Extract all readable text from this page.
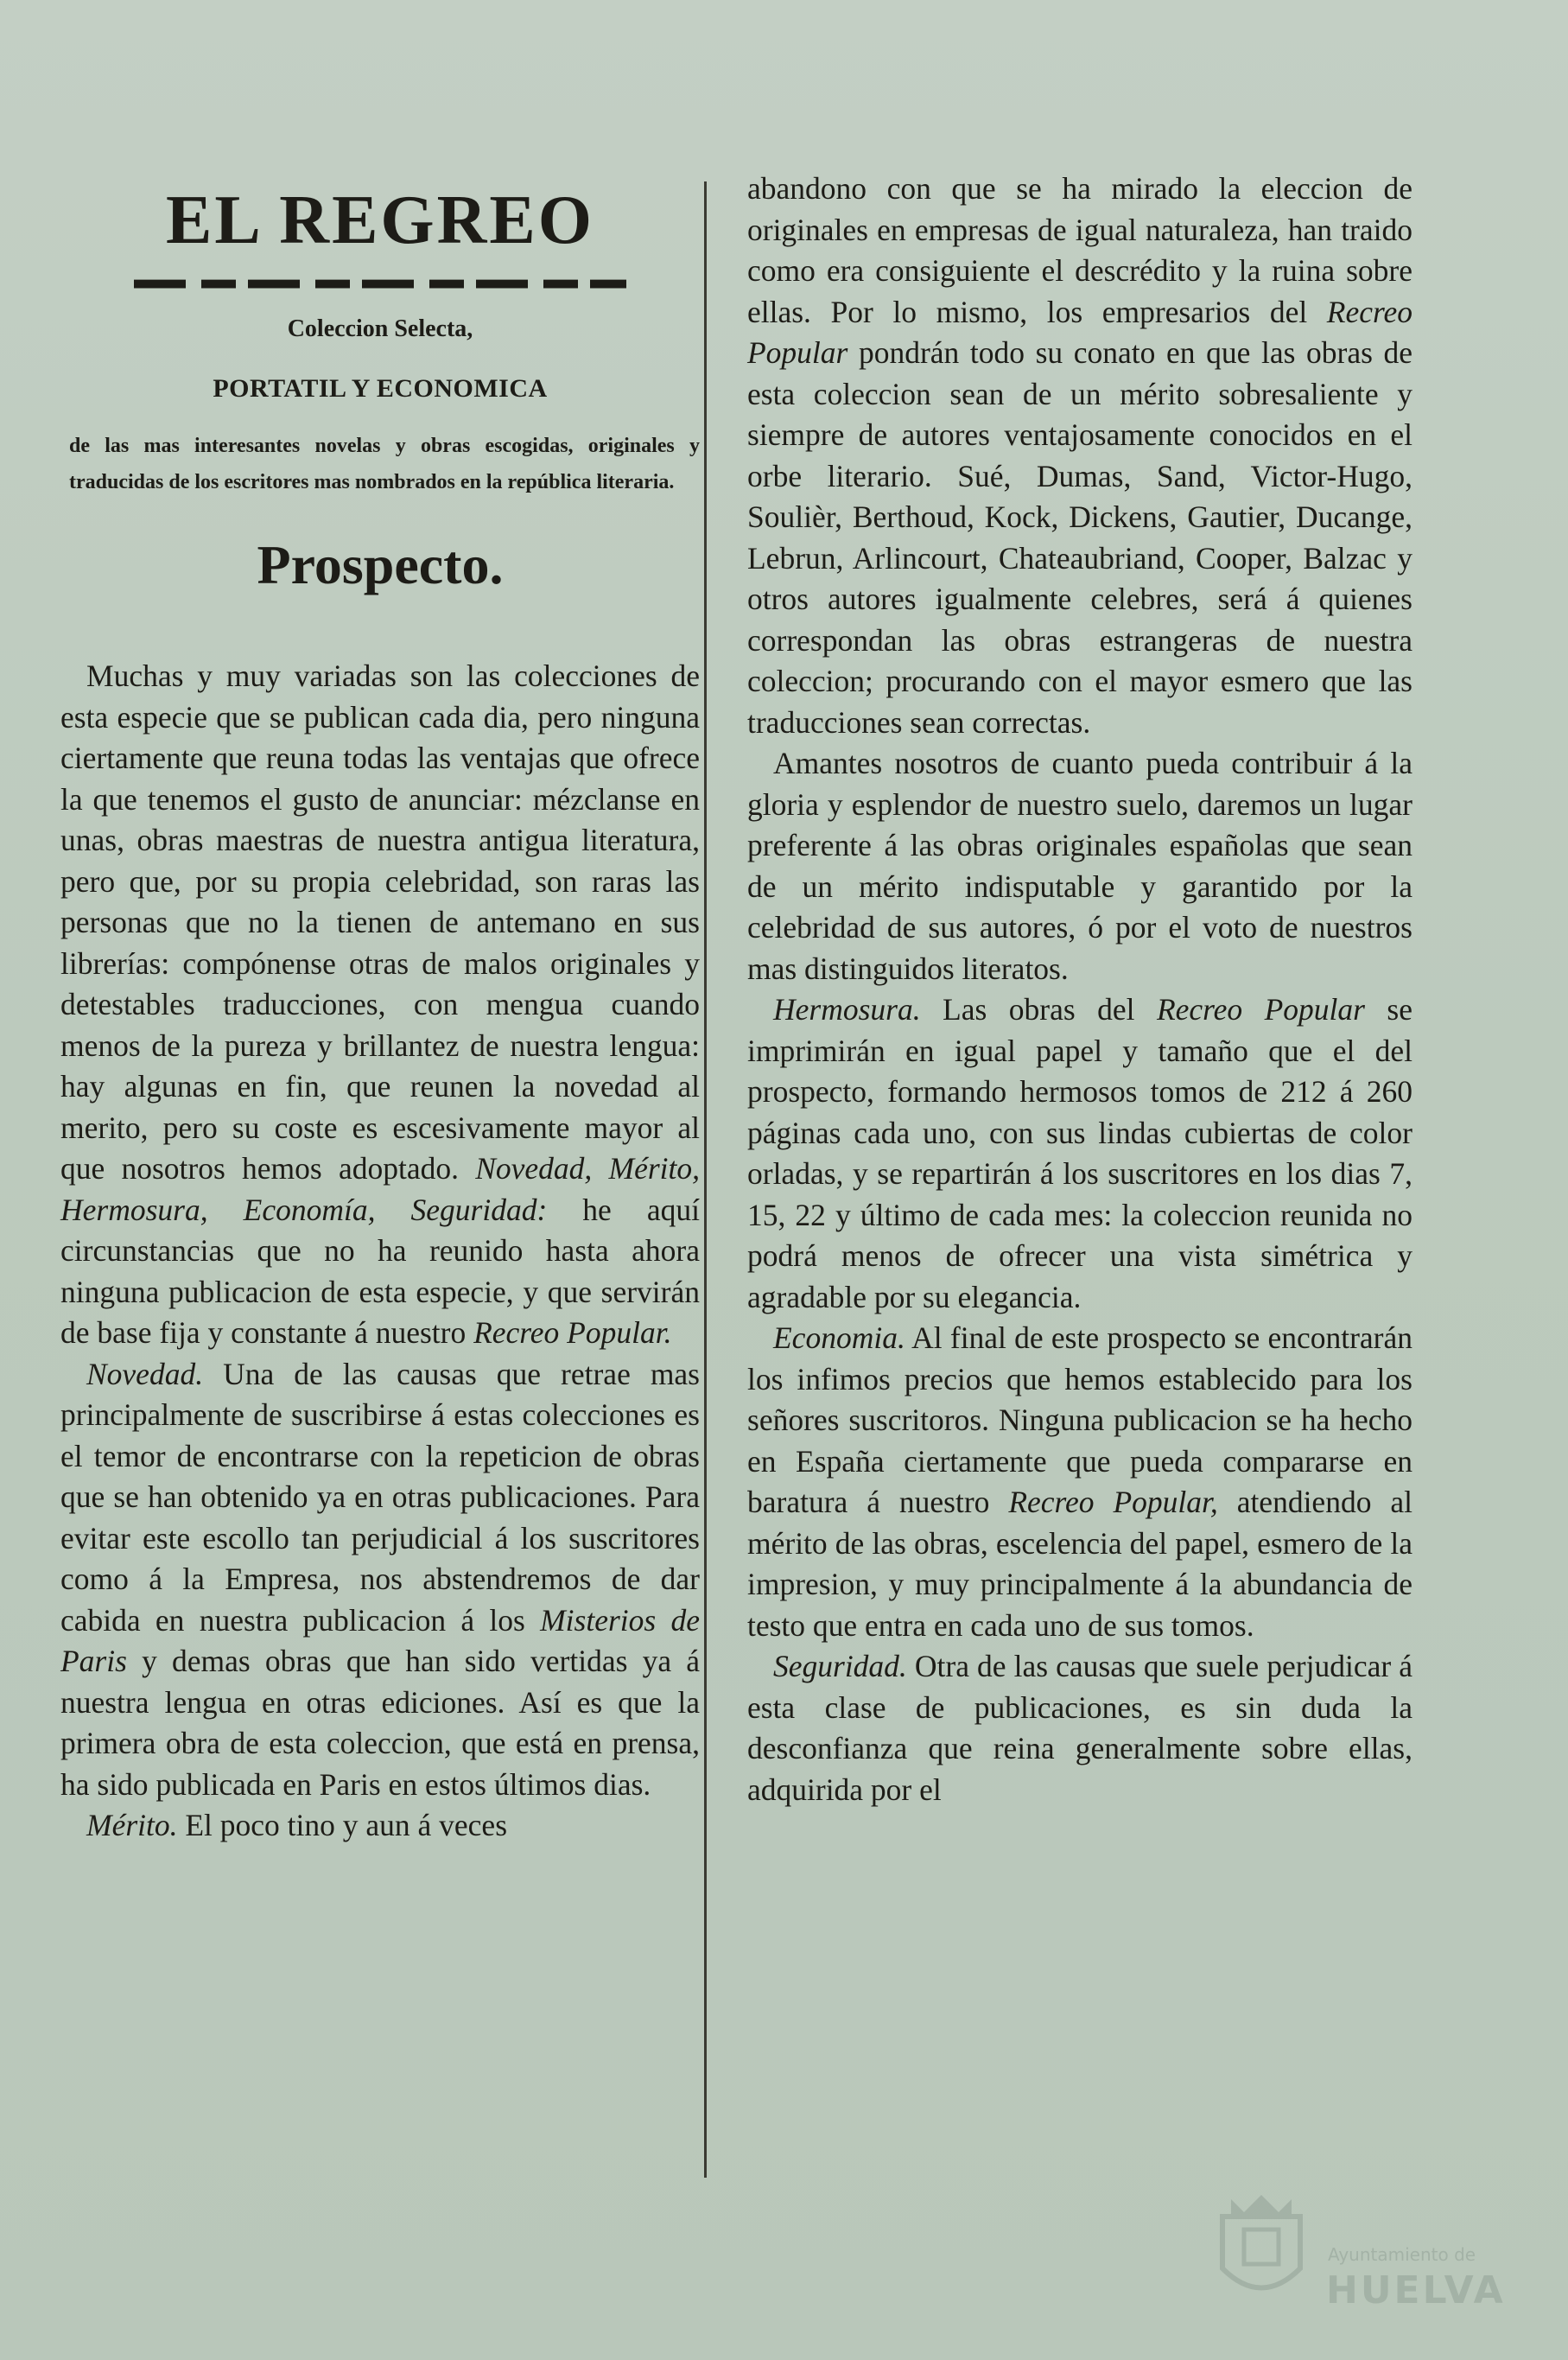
EL REGREO
Coleccion Selecta,
PORTATIL Y ECONOMICA
de las mas interesantes novelas y obras escogidas, originales y traducidas de los escritores mas nombrados en la república literaria.
Prospecto.

Muchas y muy variadas son las colecciones de esta especie que se publican cada dia, pero ninguna ciertamente que reuna todas las ventajas que ofrece la que tenemos el gusto de anunciar: mézclanse en unas, obras maestras de nuestra antigua literatura, pero que, por su propia celebridad, son raras las personas que no la tienen de antemano en sus librerías: compónense otras de malos originales y detestables traducciones, con mengua cuando menos de la pureza y brillantez de nuestra lengua: hay algunas en fin, que reunen la novedad al merito, pero su coste es escesivamente mayor al que nosotros hemos adoptado. Novedad, Mérito, Hermosura, Economía, Seguridad: he aquí circunstancias que no ha reunido hasta ahora ninguna publicacion de esta especie, y que servirán de base fija y constante á nuestro Recreo Popular.

Novedad. Una de las causas que retrae mas principalmente de suscribirse á estas colecciones es el temor de encontrarse con la repeticion de obras que se han obtenido ya en otras publicaciones. Para evitar este escollo tan perjudicial á los suscritores como á la Empresa, nos abstendremos de dar cabida en nuestra publicacion á los Misterios de Paris y demas obras que han sido vertidas ya á nuestra lengua en otras ediciones. Así es que la primera obra de esta coleccion, que está en prensa, ha sido publicada en Paris en estos últimos dias.

Mérito. El poco tino y aun á veces

abandono con que se ha mirado la eleccion de originales en empresas de igual naturaleza, han traido como era consiguiente el descrédito y la ruina sobre ellas. Por lo mismo, los empresarios del Recreo Popular pondrán todo su conato en que las obras de esta coleccion sean de un mérito sobresaliente y siempre de autores ventajosamente conocidos en el orbe literario. Sué, Dumas, Sand, Victor-Hugo, Soulièr, Berthoud, Kock, Dickens, Gautier, Ducange, Lebrun, Arlincourt, Chateaubriand, Cooper, Balzac y otros autores igualmente celebres, será á quienes correspondan las obras estrangeras de nuestra coleccion; procurando con el mayor esmero que las traducciones sean correctas.

Amantes nosotros de cuanto pueda contribuir á la gloria y esplendor de nuestro suelo, daremos un lugar preferente á las obras originales españolas que sean de un mérito indisputable y garantido por la celebridad de sus autores, ó por el voto de nuestros mas distinguidos literatos.

Hermosura. Las obras del Recreo Popular se imprimirán en igual papel y tamaño que el del prospecto, formando hermosos tomos de 212 á 260 páginas cada uno, con sus lindas cubiertas de color orladas, y se repartirán á los suscritores en los dias 7, 15, 22 y último de cada mes: la coleccion reunida no podrá menos de ofrecer una vista simétrica y agradable por su elegancia.

Economia. Al final de este prospecto se encontrarán los infimos precios que hemos establecido para los señores suscritoros. Ninguna publicacion se ha hecho en España ciertamente que pueda compararse en baratura á nuestro Recreo Popular, atendiendo al mérito de las obras, escelencia del papel, esmero de la impresion, y muy principalmente á la abundancia de testo que entra en cada uno de sus tomos.

Seguridad. Otra de las causas que suele perjudicar á esta clase de publicaciones, es sin duda la desconfianza que reina generalmente sobre ellas, adquirida por el

Ayuntamiento de
HUELVA
